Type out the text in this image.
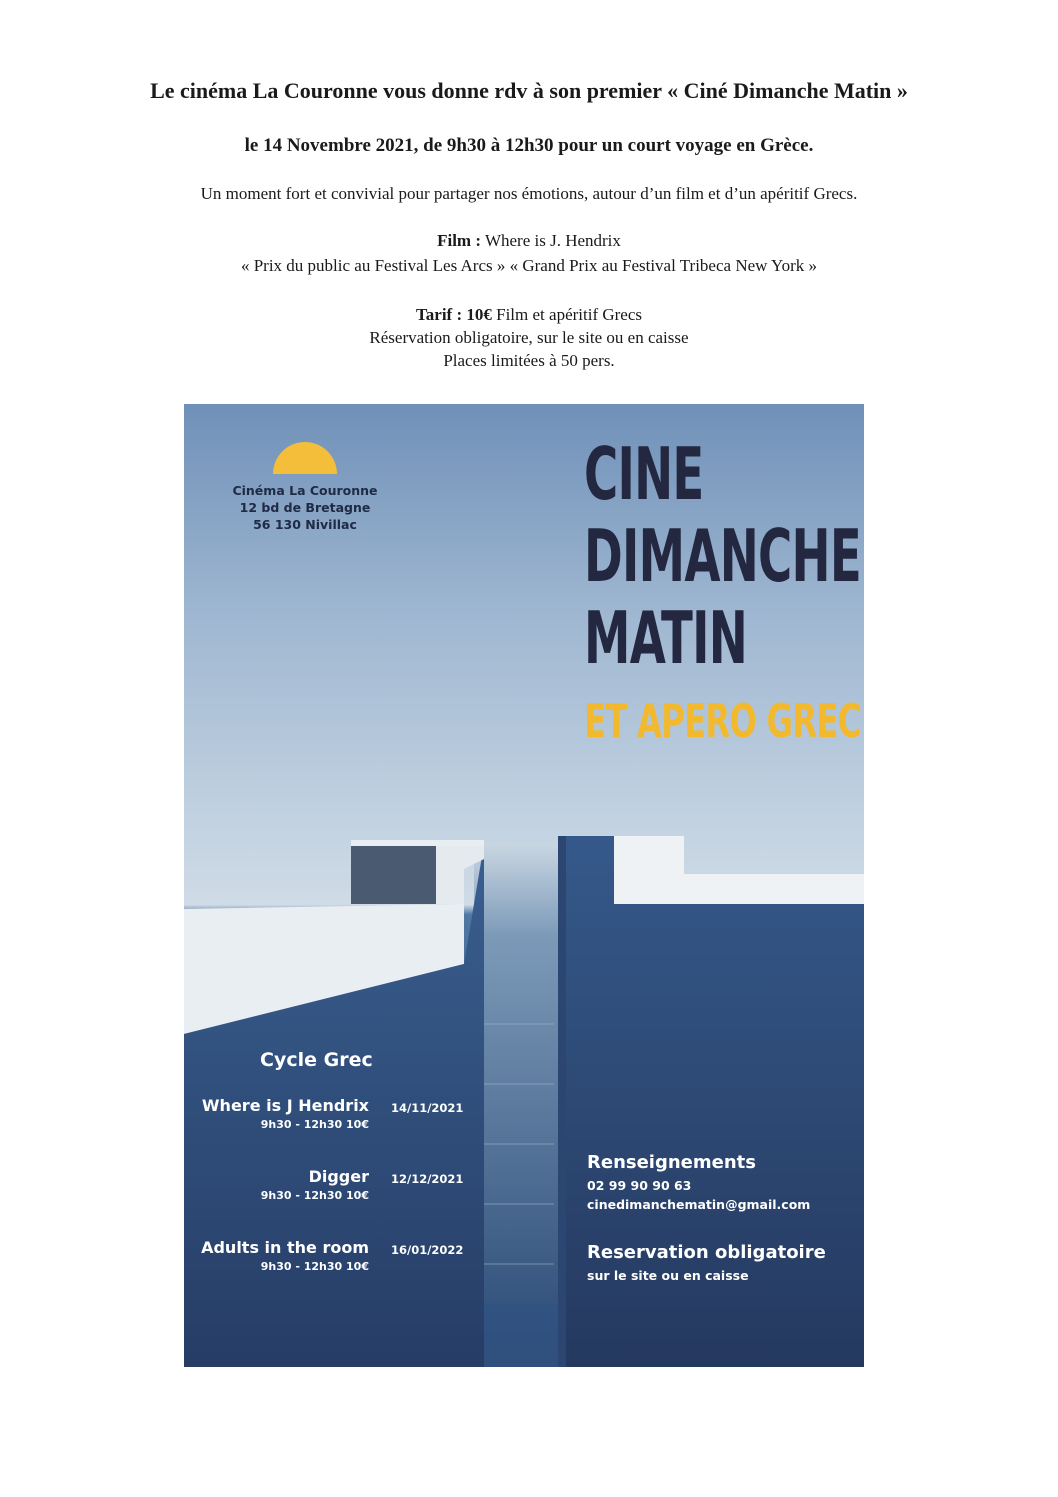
Le cinéma La Couronne vous donne rdv à son premier « Ciné Dimanche Matin »
le 14 Novembre 2021, de 9h30 à 12h30 pour un court voyage en Grèce.
Un moment fort et convivial pour partager nos émotions, autour d’un film et d’un apéritif Grecs.
Film : Where is J. Hendrix
« Prix du public au Festival Les Arcs » « Grand Prix au Festival Tribeca New York »
Tarif : 10€ Film et apéritif Grecs
Réservation obligatoire, sur le site ou en caisse
Places limitées à 50 pers.
Cinéma La Couronne
12 bd de Bretagne
56 130 Nivillac
CINE
DIMANCHE
MATIN
ET APERO GREC
Cycle Grec
Where is J Hendrix 14/11/2021
9h30 - 12h30 10€
Digger 12/12/2021
9h30 - 12h30 10€
Adults in the room 16/01/2022
9h30 - 12h30 10€
Renseignements
02 99 90 90 63
cinedimanchematin@gmail.com
Reservation obligatoire
sur le site ou en caisse
